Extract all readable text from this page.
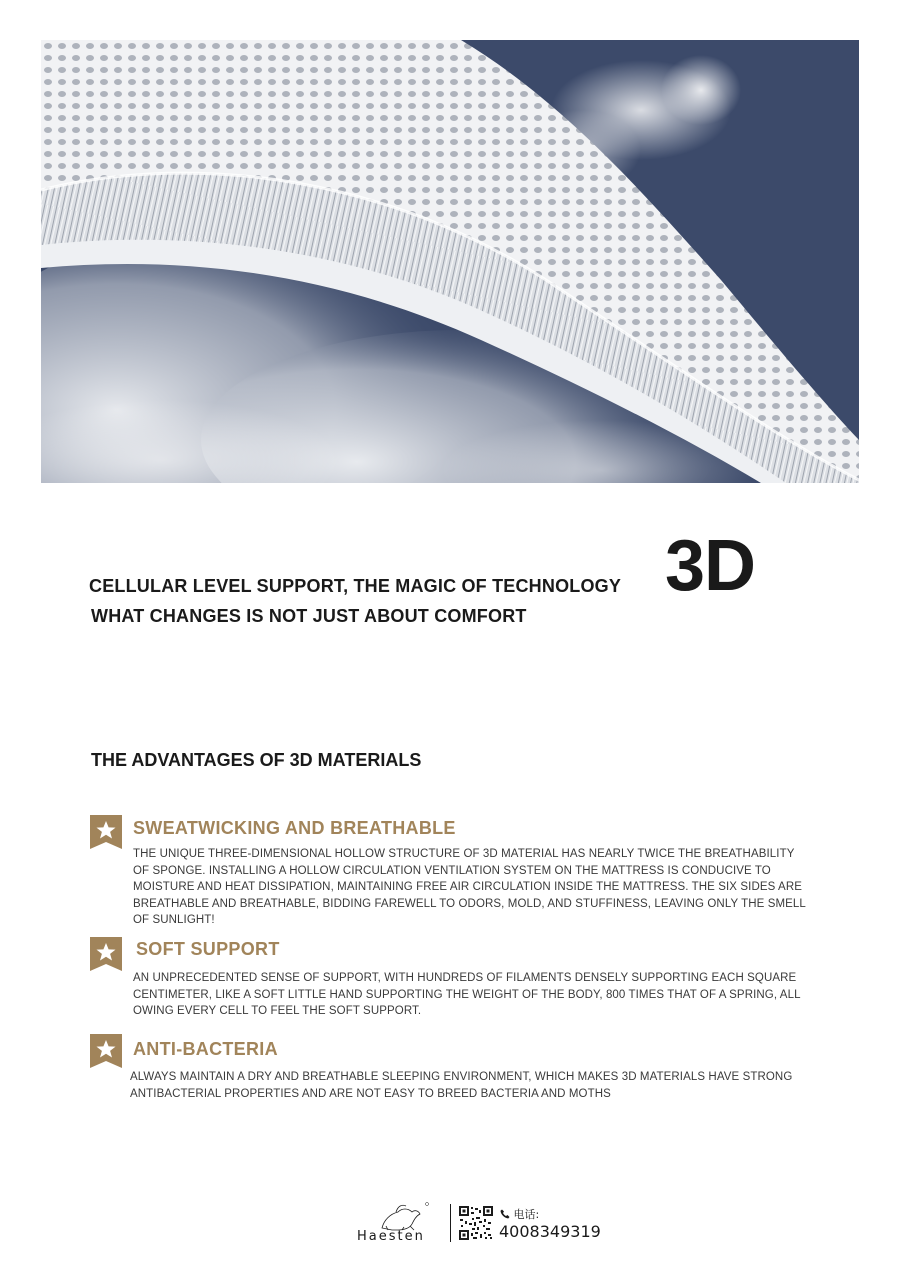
CELLULAR LEVEL SUPPORT, THE MAGIC OF TECHNOLOGY
WHAT CHANGES IS NOT JUST ABOUT COMFORT
3D
THE ADVANTAGES OF 3D MATERIALS
SWEATWICKING AND BREATHABLE
THE UNIQUE THREE-DIMENSIONAL HOLLOW STRUCTURE OF 3D MATERIAL HAS NEARLY TWICE THE BREATHABILITY OF SPONGE. INSTALLING A HOLLOW CIRCULATION VENTILATION SYSTEM ON THE MATTRESS IS CONDUCIVE TO MOISTURE AND HEAT DISSIPATION, MAINTAINING FREE AIR CIRCULATION INSIDE THE MATTRESS. THE SIX SIDES ARE BREATHABLE AND BREATHABLE, BIDDING FAREWELL TO ODORS, MOLD, AND STUFFINESS, LEAVING ONLY THE SMELL OF SUNLIGHT!
SOFT SUPPORT
AN UNPRECEDENTED SENSE OF SUPPORT, WITH HUNDREDS OF FILAMENTS DENSELY SUPPORTING EACH SQUARE CENTIMETER, LIKE A SOFT LITTLE HAND SUPPORTING THE WEIGHT OF THE BODY, 800 TIMES THAT OF A SPRING, ALL OWING EVERY CELL TO FEEL THE SOFT SUPPORT.
ANTI-BACTERIA
ALWAYS MAINTAIN A DRY AND BREATHABLE SLEEPING ENVIRONMENT, WHICH MAKES 3D MATERIALS HAVE STRONG ANTIBACTERIAL PROPERTIES AND ARE NOT EASY TO BREED BACTERIA AND MOTHS
Haesten
电话:
4008349319
